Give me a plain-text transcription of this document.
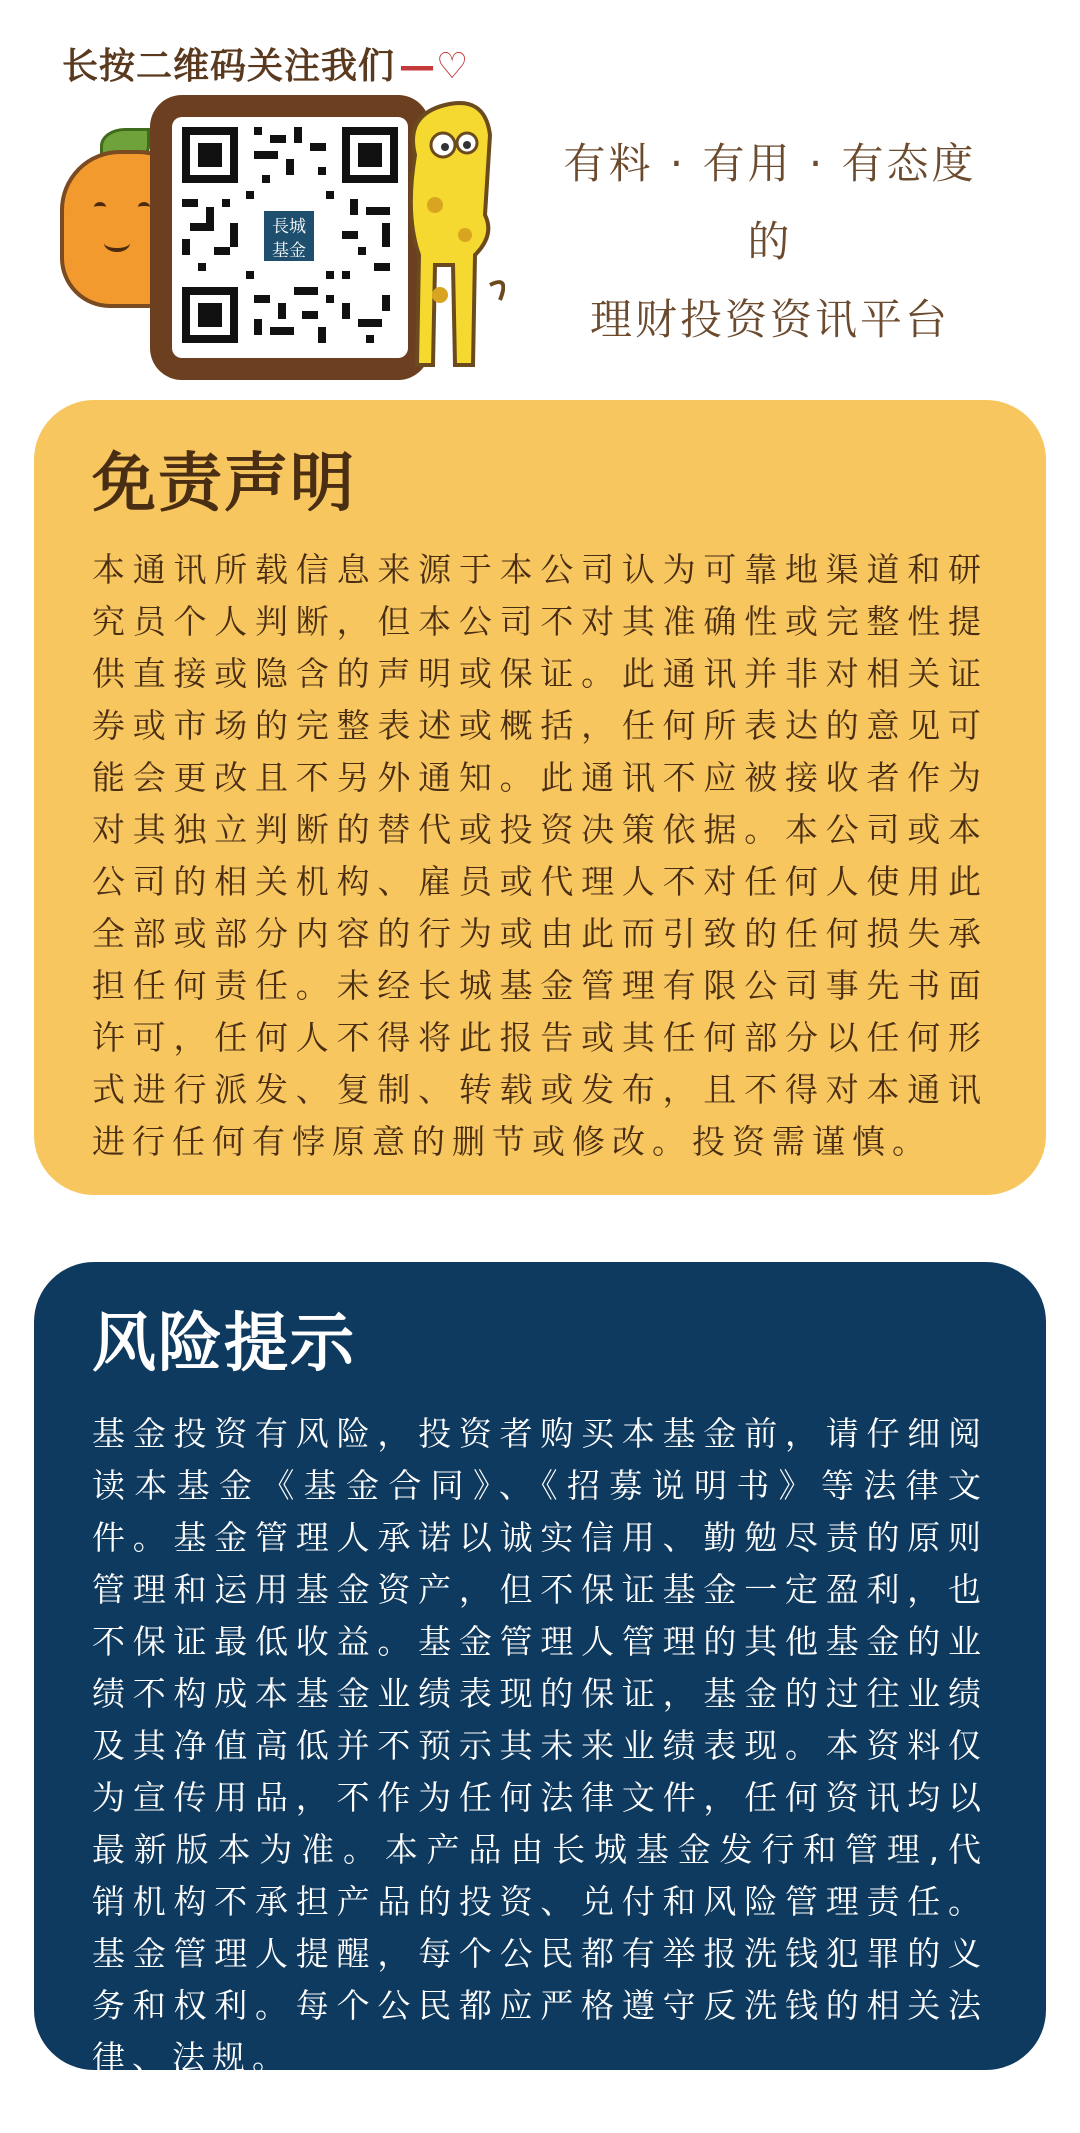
长按二维码关注我们 —♡
長城
基金
有料 · 有用 · 有态度
的
理财投资资讯平台
免责声明
本通讯所载信息来源于本公司认为可靠地渠道和研究员个人判断，但本公司不对其准确性或完整性提供直接或隐含的声明或保证。此通讯并非对相关证券或市场的完整表述或概括，任何所表达的意见可能会更改且不另外通知。此通讯不应被接收者作为对其独立判断的替代或投资决策依据。本公司或本公司的相关机构、雇员或代理人不对任何人使用此全部或部分内容的行为或由此而引致的任何损失承担任何责任。未经长城基金管理有限公司事先书面许可，任何人不得将此报告或其任何部分以任何形式进行派发、复制、转载或发布，且不得对本通讯进行任何有悖原意的删节或修改。投资需谨慎。
风险提示
基金投资有风险，投资者购买本基金前，请仔细阅读本基金《基金合同》、《招募说明书》等法律文件。基金管理人承诺以诚实信用、勤勉尽责的原则管理和运用基金资产，但不保证基金一定盈利，也不保证最低收益。基金管理人管理的其他基金的业绩不构成本基金业绩表现的保证，基金的过往业绩及其净值高低并不预示其未来业绩表现。本资料仅为宣传用品，不作为任何法律文件，任何资讯均以最新版本为准。本产品由长城基金发行和管理,代销机构不承担产品的投资、兑付和风险管理责任。基金管理人提醒，每个公民都有举报洗钱犯罪的义务和权利。每个公民都应严格遵守反洗钱的相关法律、法规。
